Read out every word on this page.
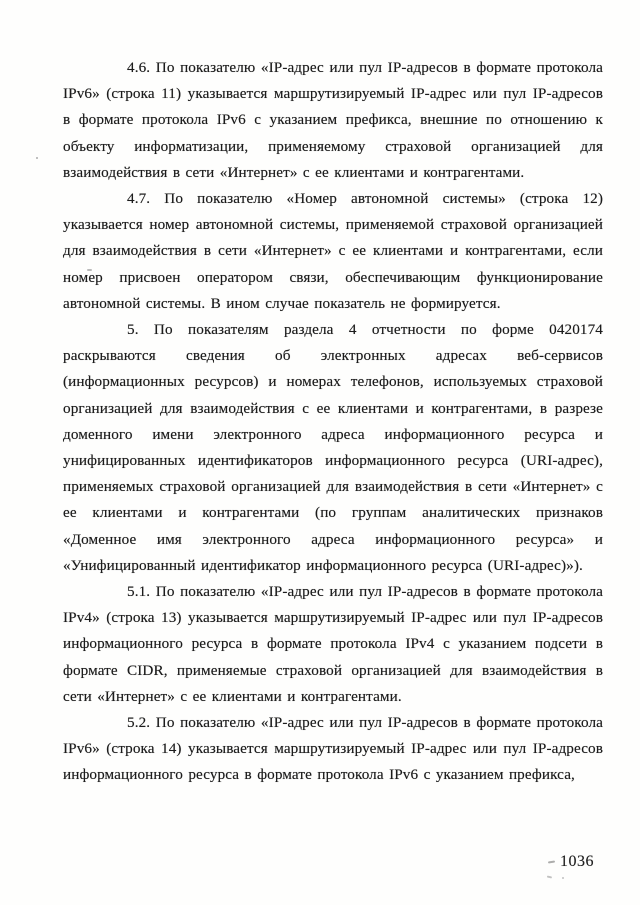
4.6. По показателю «IP-адрес или пул IP-адресов в формате протокола IPv6» (строка 11) указывается маршрутизируемый IP-адрес или пул IP-адресов в формате протокола IPv6 с указанием префикса, внешние по отношению к объекту информатизации, применяемому страховой организацией для взаимодействия в сети «Интернет» с ее клиентами и контрагентами.

4.7. По показателю «Номер автономной системы» (строка 12) указывается номер автономной системы, применяемой страховой организацией для взаимодействия в сети «Интернет» с ее клиентами и контрагентами, если номер присвоен оператором связи, обеспечивающим функционирование автономной системы. В ином случае показатель не формируется.

5. По показателям раздела 4 отчетности по форме 0420174 раскрываются сведения об электронных адресах веб-сервисов (информационных ресурсов) и номерах телефонов, используемых страховой организацией для взаимодействия с ее клиентами и контрагентами, в разрезе доменного имени электронного адреса информационного ресурса и унифицированных идентификаторов информационного ресурса (URI-адрес), применяемых страховой организацией для взаимодействия в сети «Интернет» с ее клиентами и контрагентами (по группам аналитических признаков «Доменное имя электронного адреса информационного ресурса» и «Унифицированный идентификатор информационного ресурса (URI-адрес)»).

5.1. По показателю «IP-адрес или пул IP-адресов в формате протокола IPv4» (строка 13) указывается маршрутизируемый IP-адрес или пул IP-адресов информационного ресурса в формате протокола IPv4 с указанием подсети в формате CIDR, применяемые страховой организацией для взаимодействия в сети «Интернет» с ее клиентами и контрагентами.

5.2. По показателю «IP-адрес или пул IP-адресов в формате протокола IPv6» (строка 14) указывается маршрутизируемый IP-адрес или пул IP-адресов информационного ресурса в формате протокола IPv6 с указанием префикса,

1036
